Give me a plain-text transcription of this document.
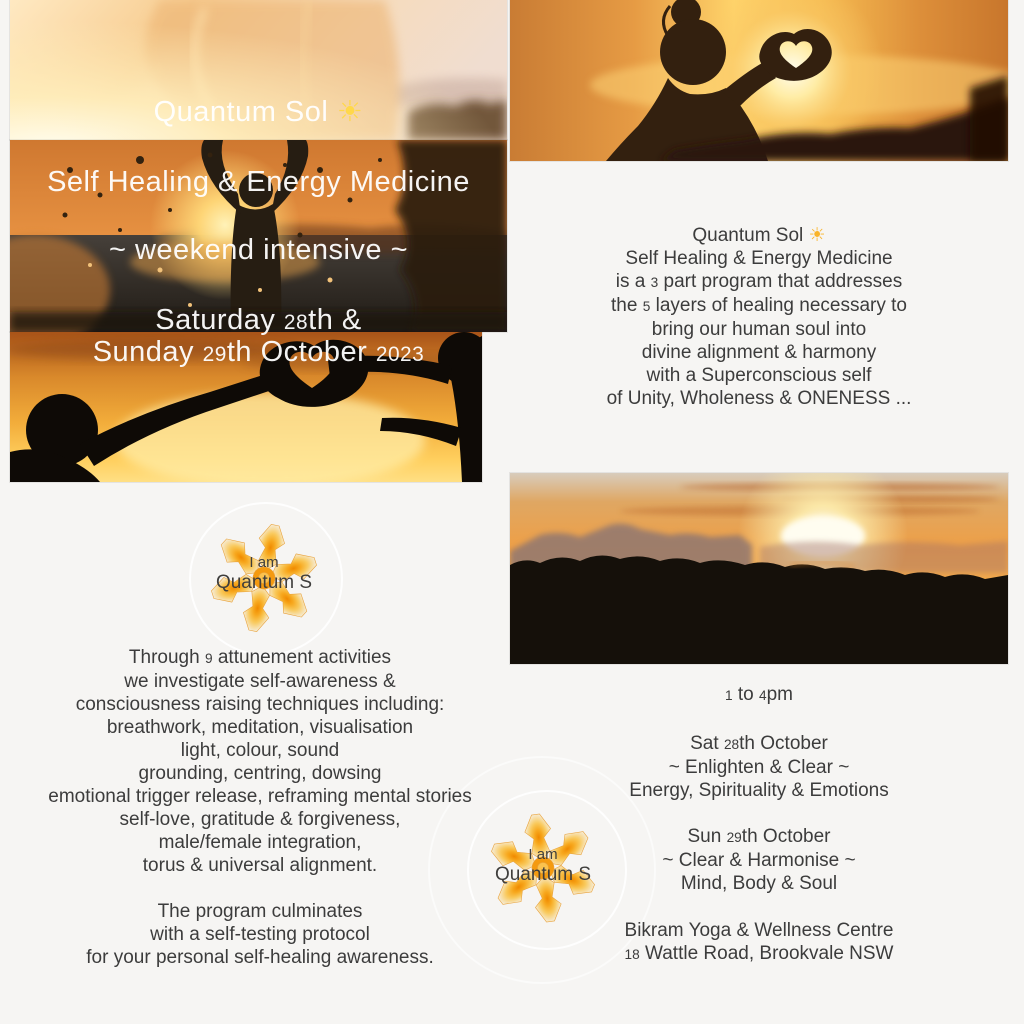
Quantum Sol ☀
Self Healing & Energy Medicine
~ weekend intensive ~
Saturday 28th &
Sunday 29th October 2023
Quantum Sol ☀
Self Healing & Energy Medicine
is a 3 part program that addresses
the 5 layers of healing necessary to
bring our human soul into
divine alignment & harmony
with a Superconscious self
of Unity, Wholeness & ONENESS ...
I am
Quantum S
I am
Quantum S
Through 9 attunement activities
we investigate self-awareness &
consciousness raising techniques including:
breathwork, meditation, visualisation
light, colour, sound
grounding, centring, dowsing
emotional trigger release, reframing mental stories
self-love, gratitude & forgiveness,
male/female integration,
torus & universal alignment.
The program culminates
with a self-testing protocol
for your personal self-healing awareness.
1 to 4pm
Sat 28th October
~ Enlighten & Clear ~
Energy, Spirituality & Emotions
Sun 29th October
~ Clear & Harmonise ~
Mind, Body & Soul
Bikram Yoga & Wellness Centre
18 Wattle Road, Brookvale NSW
